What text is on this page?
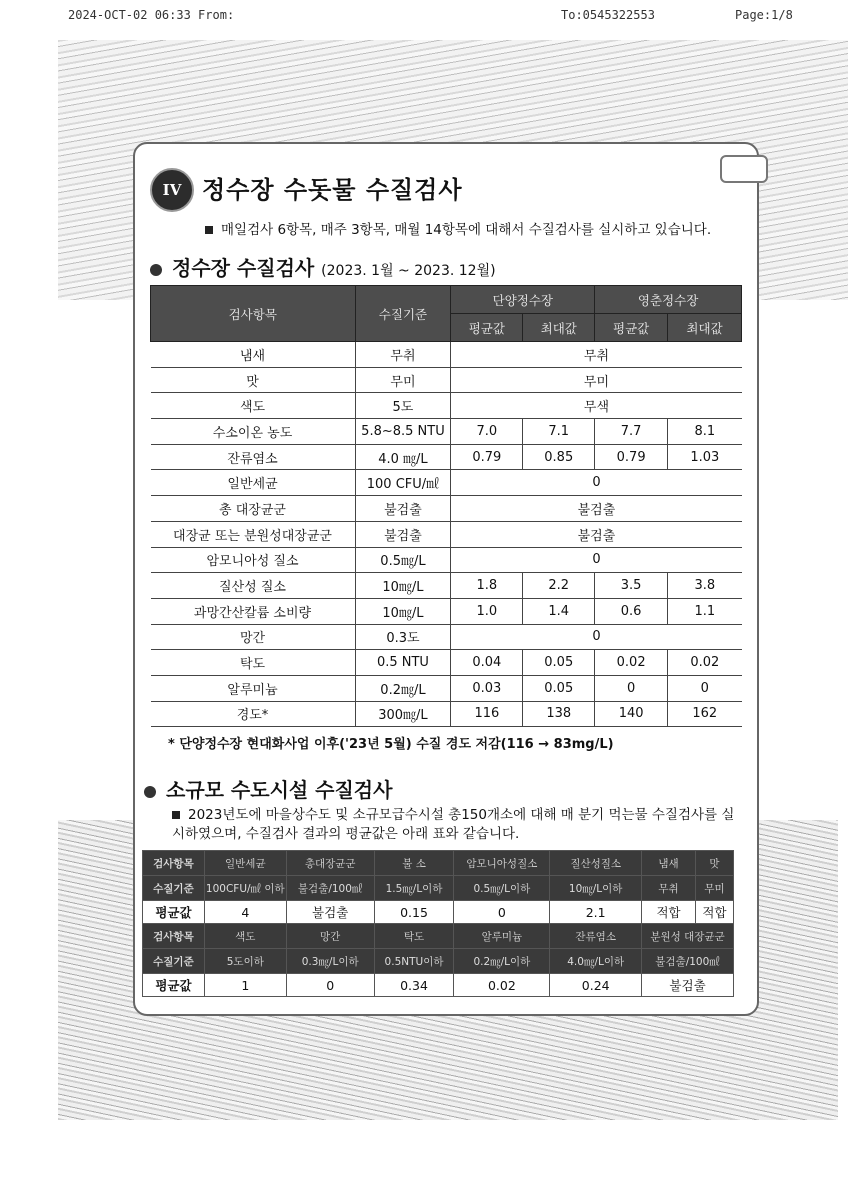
2024-OCT-02 06:33 From:	To:0545322553	Page:1/8
IV 정수장 수돗물 수질검사
매일검사 6항목, 매주 3항목, 매월 14항목에 대해서 수질검사를 실시하고 있습니다.
정수장 수질검사 (2023. 1월 ~ 2023. 12월)
검사항목	수질기준	단양정수장		영춘정수장	
		평균값	최대값	평균값	최대값
냄새	무취	무취			
맛	무미	무미			
색도	5도	무색			
수소이온 농도	5.8~8.5 NTU	7.0	7.1	7.7	8.1
잔류염소	4.0 ㎎/L	0.79	0.85	0.79	1.03
일반세균	100 CFU/㎖	0			
총 대장균군	불검출	불검출			
대장균 또는 분원성대장균군	불검출	불검출			
암모니아성 질소	0.5㎎/L	0			
질산성 질소	10㎎/L	1.8	2.2	3.5	3.8
과망간산칼륨 소비량	10㎎/L	1.0	1.4	0.6	1.1
망간	0.3도	0			
탁도	0.5 NTU	0.04	0.05	0.02	0.02
알루미늄	0.2㎎/L	0.03	0.05	0	0
경도*	300㎎/L	116	138	140	162
* 단양정수장 현대화사업 이후('23년 5월) 수질 경도 저감(116 → 83mg/L)
소규모 수도시설 수질검사
2023년도에 마을상수도 및 소규모급수시설 총150개소에 대해 매 분기 먹는물 수질검사를 실시하였으며, 수질검사 결과의 평균값은 아래 표와 같습니다.
검사항목	일반세균	총대장균군	불 소	암모니아성질소	질산성질소	냄새	맛
수질기준	100CFU/㎖ 이하	불검출/100㎖	1.5㎎/L이하	0.5㎎/L이하	10㎎/L이하	무취	무미
평균값	4	불검출	0.15	0	2.1	적합	적합
검사항목	색도	망간	탁도	알루미늄	잔류염소	분원성 대장균군	
수질기준	5도이하	0.3㎎/L이하	0.5NTU이하	0.2㎎/L이하	4.0㎎/L이하	불검출/100㎖	
평균값	1	0	0.34	0.02	0.24	불검출	
